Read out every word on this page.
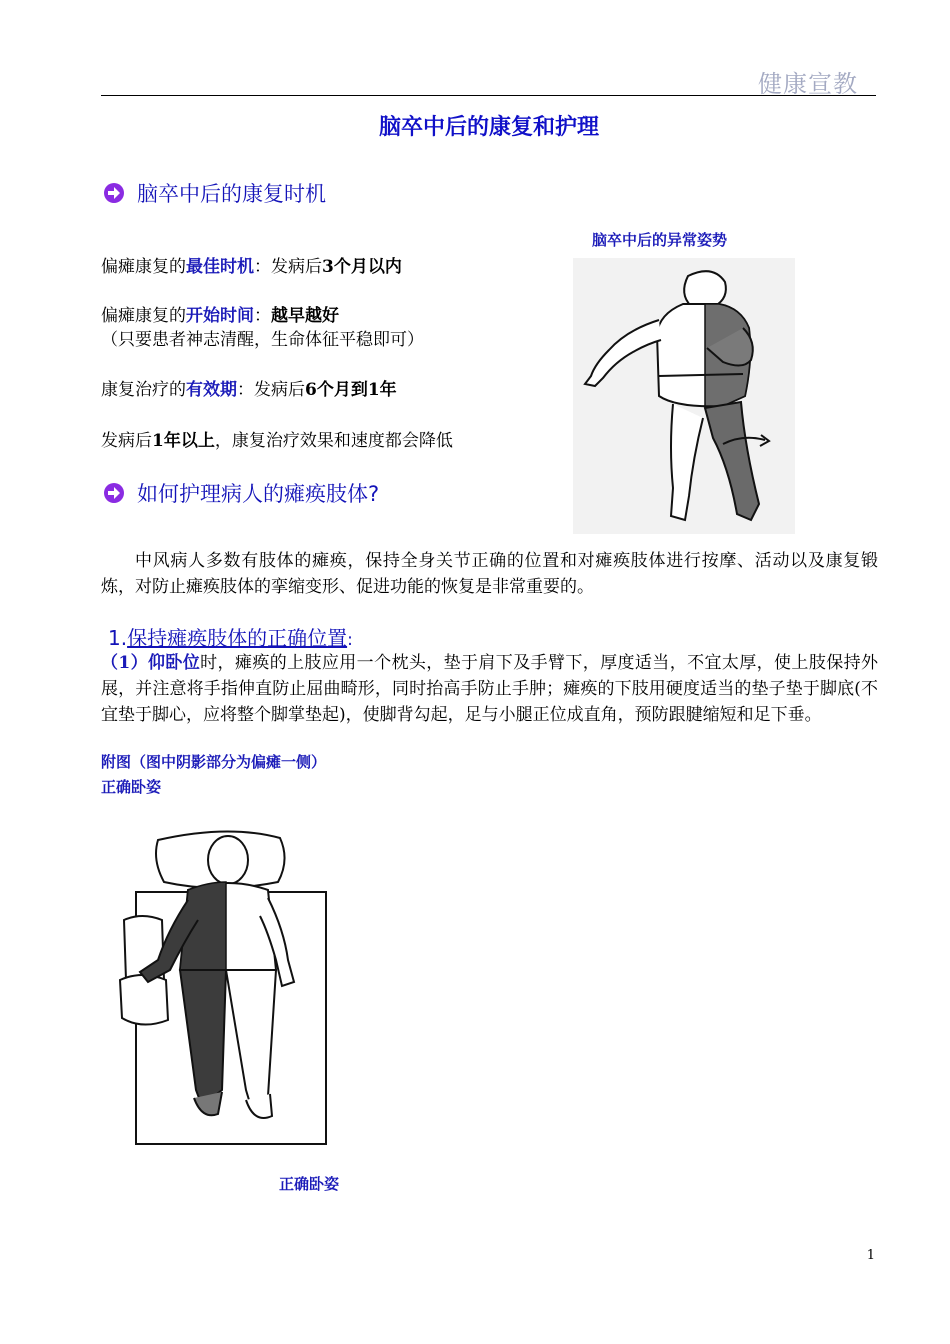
健康宣教
脑卒中后的康复和护理
脑卒中后的康复时机
偏瘫康复的最佳时机：发病后3个月以内
偏瘫康复的开始时间：越早越好
（只要患者神志清醒，生命体征平稳即可）
康复治疗的有效期：发病后6个月到1年
发病后1年以上，康复治疗效果和速度都会降低
脑卒中后的异常姿势
如何护理病人的瘫痪肢体?
中风病人多数有肢体的瘫痪，保持全身关节正确的位置和对瘫痪肢体进行按摩、活动以及康复锻炼，对防止瘫痪肢体的挛缩变形、促进功能的恢复是非常重要的。
1.保持瘫痪肢体的正确位置:
（1）仰卧位时，瘫痪的上肢应用一个枕头，垫于肩下及手臂下，厚度适当，不宜太厚，使上肢保持外展，并注意将手指伸直防止屈曲畸形，同时抬高手防止手肿；瘫痪的下肢用硬度适当的垫子垫于脚底(不宜垫于脚心，应将整个脚掌垫起)，使脚背勾起，足与小腿正位成直角，预防跟腱缩短和足下垂。
附图（图中阴影部分为偏瘫一侧）
正确卧姿
正确卧姿
1
